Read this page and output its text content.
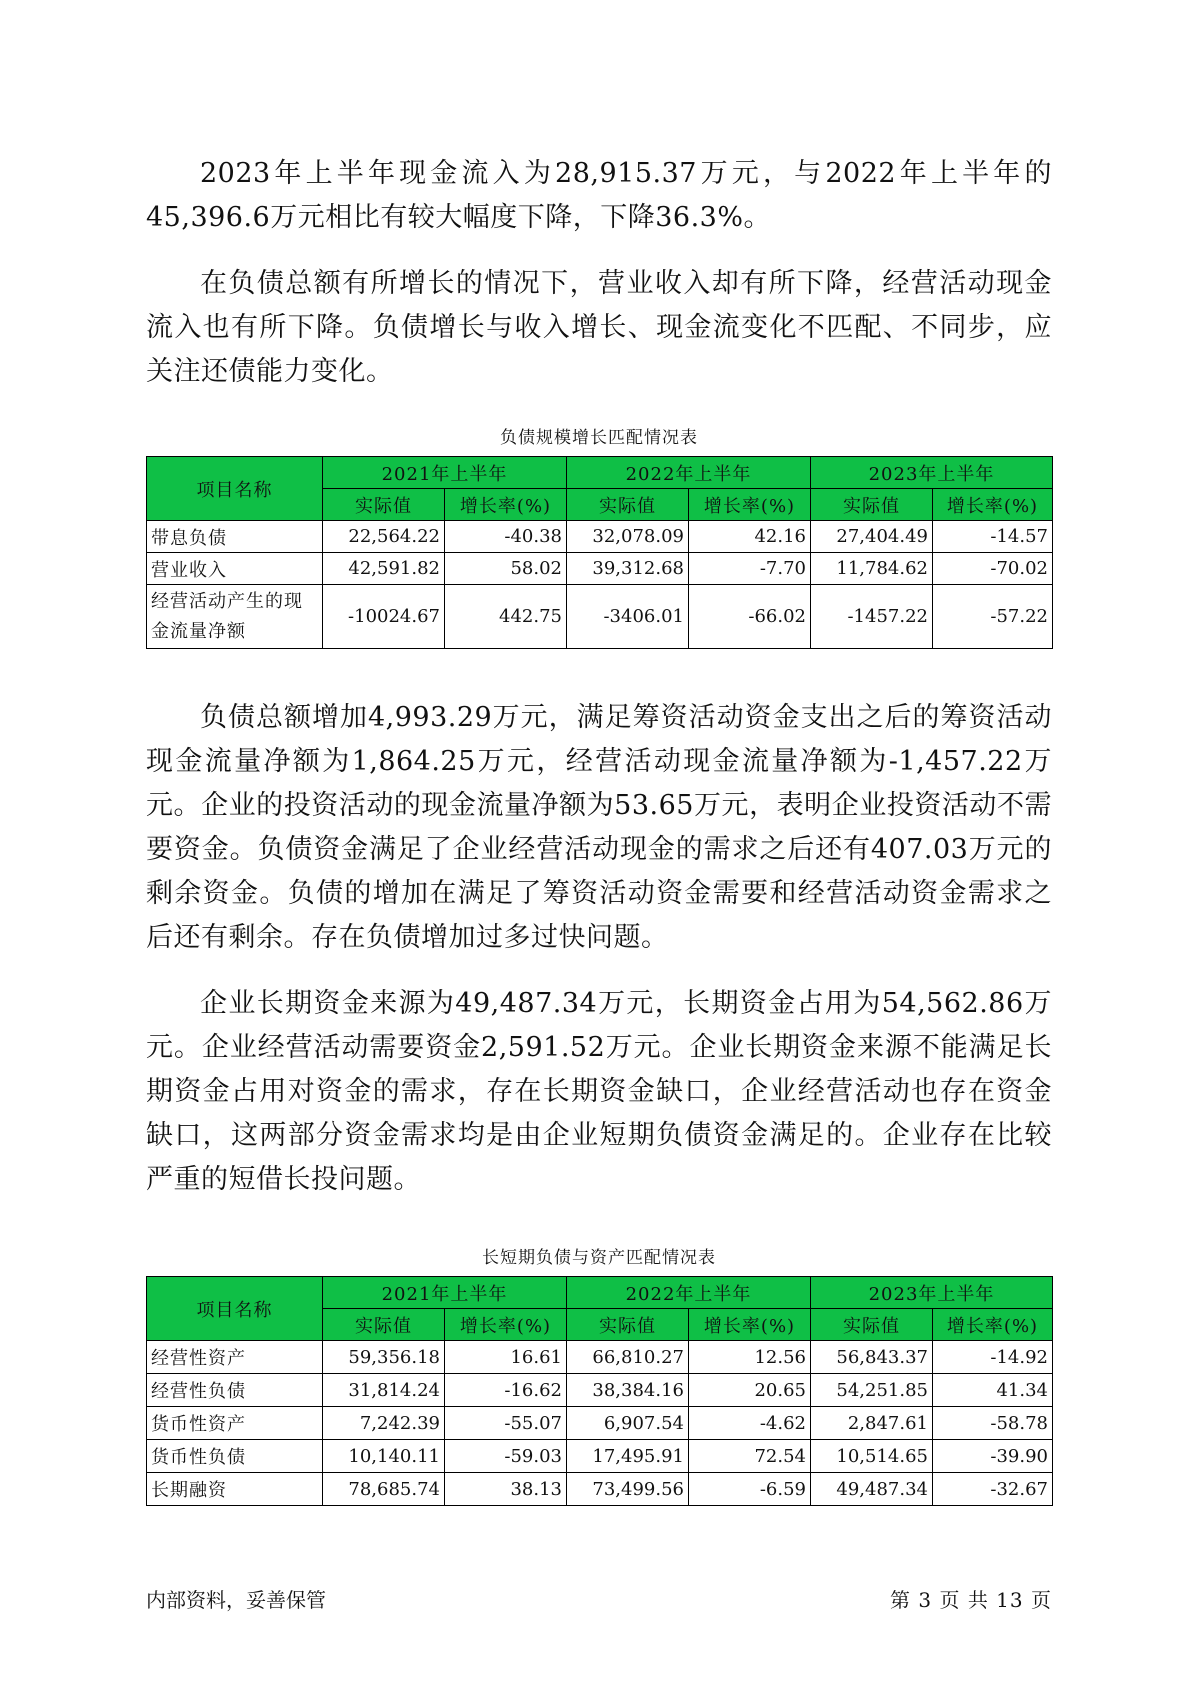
2023年上半年现金流入为28,915.37万元，与2022年上半年的45,396.6万元相比有较大幅度下降，下降36.3%。

在负债总额有所增长的情况下，营业收入却有所下降，经营活动现金流入也有所下降。负债增长与收入增长、现金流变化不匹配、不同步，应关注还债能力变化。

负债规模增长匹配情况表
项目名称	2021年上半年		2022年上半年		2023年上半年	
	实际值	增长率(%)	实际值	增长率(%)	实际值	增长率(%)
带息负债	22,564.22	-40.38	32,078.09	42.16	27,404.49	-14.57
营业收入	42,591.82	58.02	39,312.68	-7.70	11,784.62	-70.02
经营活动产生的现金流量净额	-10024.67	442.75	-3406.01	-66.02	-1457.22	-57.22

负债总额增加4,993.29万元，满足筹资活动资金支出之后的筹资活动现金流量净额为1,864.25万元，经营活动现金流量净额为-1,457.22万元。企业的投资活动的现金流量净额为53.65万元，表明企业投资活动不需要资金。负债资金满足了企业经营活动现金的需求之后还有407.03万元的剩余资金。负债的增加在满足了筹资活动资金需要和经营活动资金需求之后还有剩余。存在负债增加过多过快问题。

企业长期资金来源为49,487.34万元，长期资金占用为54,562.86万元。企业经营活动需要资金2,591.52万元。企业长期资金来源不能满足长期资金占用对资金的需求，存在长期资金缺口，企业经营活动也存在资金缺口，这两部分资金需求均是由企业短期负债资金满足的。企业存在比较严重的短借长投问题。

长短期负债与资产匹配情况表
项目名称	2021年上半年		2022年上半年		2023年上半年	
	实际值	增长率(%)	实际值	增长率(%)	实际值	增长率(%)
经营性资产	59,356.18	16.61	66,810.27	12.56	56,843.37	-14.92
经营性负债	31,814.24	-16.62	38,384.16	20.65	54,251.85	41.34
货币性资产	7,242.39	-55.07	6,907.54	-4.62	2,847.61	-58.78
货币性负债	10,140.11	-59.03	17,495.91	72.54	10,514.65	-39.90
长期融资	78,685.74	38.13	73,499.56	-6.59	49,487.34	-32.67
内部资料，妥善保管	第 3 页 共 13 页
